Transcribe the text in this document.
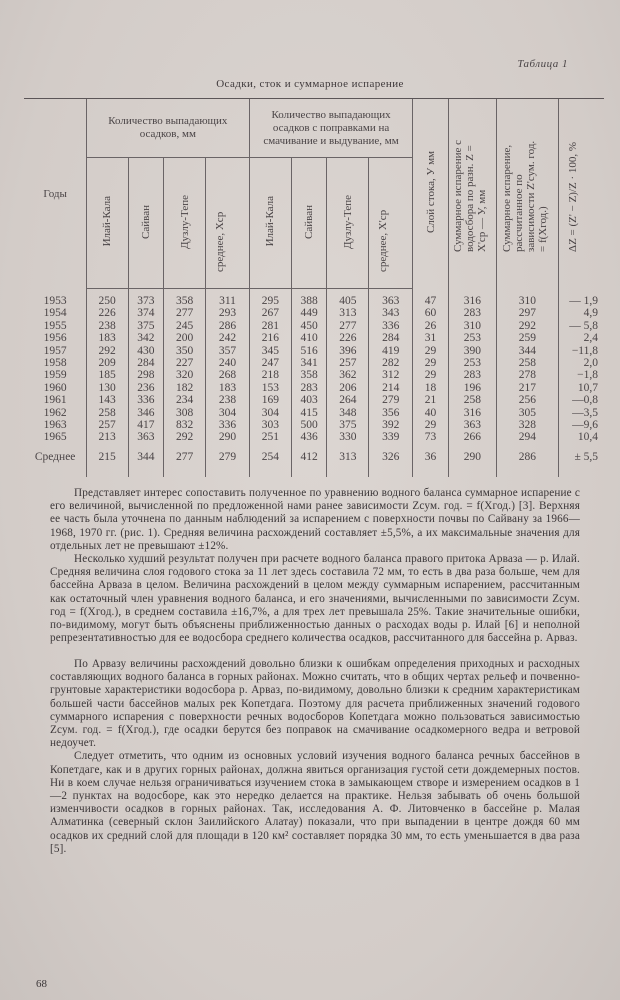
Таблица 1
Осадки, сток и суммарное испарение

Годы	Количество выпадающих осадков, мм				Количество выпадающих осадков с поправками на смачивание и выдувание, мм				Слой стока, У мм	Суммарное испарение с водосбора по разн. Z = X'ср — У, мм	Суммарное испарение, рассчитанное по зависимости Z'сум. год. = f(Xгод.)	ΔZ = (Z' − Z)/Z · 100, %
	Илай-Кала	Сайван	Дузлу-Тепе	среднее, Xср	Илай-Кала	Сайван	Дузлу-Тепе	среднее, X'ср				
1953	250	373	358	311	295	388	405	363	47	316	310	— 1,9
1954	226	374	277	293	267	449	313	343	60	283	297	4,9
1955	238	375	245	286	281	450	277	336	26	310	292	— 5,8
1956	183	342	200	242	216	410	226	284	31	253	259	2,4
1957	292	430	350	357	345	516	396	419	29	390	344	−11,8
1958	209	284	227	240	247	341	257	282	29	253	258	2,0
1959	185	298	320	268	218	358	362	312	29	283	278	−1,8
1960	130	236	182	183	153	283	206	214	18	196	217	10,7
1961	143	336	234	238	169	403	264	279	21	258	256	—0,8
1962	258	346	308	304	304	415	348	356	40	316	305	—3,5
1963	257	417	832	336	303	500	375	392	29	363	328	—9,6
1965	213	363	292	290	251	436	330	339	73	266	294	10,4
Среднее	215	344	277	279	254	412	313	326	36	290	286	± 5,5

Представляет интерес сопоставить полученное по уравнению водного баланса суммарное испарение с его величиной, вычисленной по предложенной нами ранее зависимости Zсум. год. = f(Xгод.) [3]. Верхняя ее часть была уточнена по данным наблюдений за испарением с поверхности почвы по Сайвану за 1966—1968, 1970 гг. (рис. 1). Средняя величина расхождений составляет ±5,5%, а их максимальные значения для отдельных лет не превышают ±12%.

Несколько худший результат получен при расчете водного баланса правого притока Арваза — р. Илай. Средняя величина слоя годового стока за 11 лет здесь составила 72 мм, то есть в два раза больше, чем для бассейна Арваза в целом. Величина расхождений в целом между суммарным испарением, рассчитанным как остаточный член уравнения водного баланса, и его значениями, вычисленными по зависимости Zсум. год = f(Xгод.), в среднем составила ±16,7%, а для трех лет превышала 25%. Такие значительные ошибки, по-видимому, могут быть объяснены приближенностью данных о расходах воды р. Илай [6] и неполной репрезентативностью для ее водосбора среднего количества осадков, рассчитанного для бассейна р. Арваз.

По Арвазу величины расхождений довольно близки к ошибкам определения приходных и расходных составляющих водного баланса в горных районах. Можно считать, что в общих чертах рельеф и почвенно-грунтовые характеристики водосбора р. Арваз, по-видимому, довольно близки к средним характеристикам большей части бассейнов малых рек Копетдага. Поэтому для расчета приближенных значений годового суммарного испарения с поверхности речных водосборов Копетдага можно пользоваться зависимостью Zсум. год. = f(Xгод.), где осадки берутся без поправок на смачивание осадкомерного ведра и ветровой недоучет.

Следует отметить, что одним из основных условий изучения водного баланса речных бассейнов в Копетдаге, как и в других горных районах, должна явиться организация густой сети дождемерных постов. Ни в коем случае нельзя ограничиваться изучением стока в замыкающем створе и измерением осадков в 1—2 пунктах на водосборе, как это нередко делается на практике. Нельзя забывать об очень большой изменчивости осадков в горных районах. Так, исследования А. Ф. Литовченко в бассейне р. Малая Алматинка (северный склон Заилийского Алатау) показали, что при выпадении в центре дождя 60 мм осадков их средний слой для площади в 120 км² составляет порядка 30 мм, то есть уменьшается в два раза [5].

68
